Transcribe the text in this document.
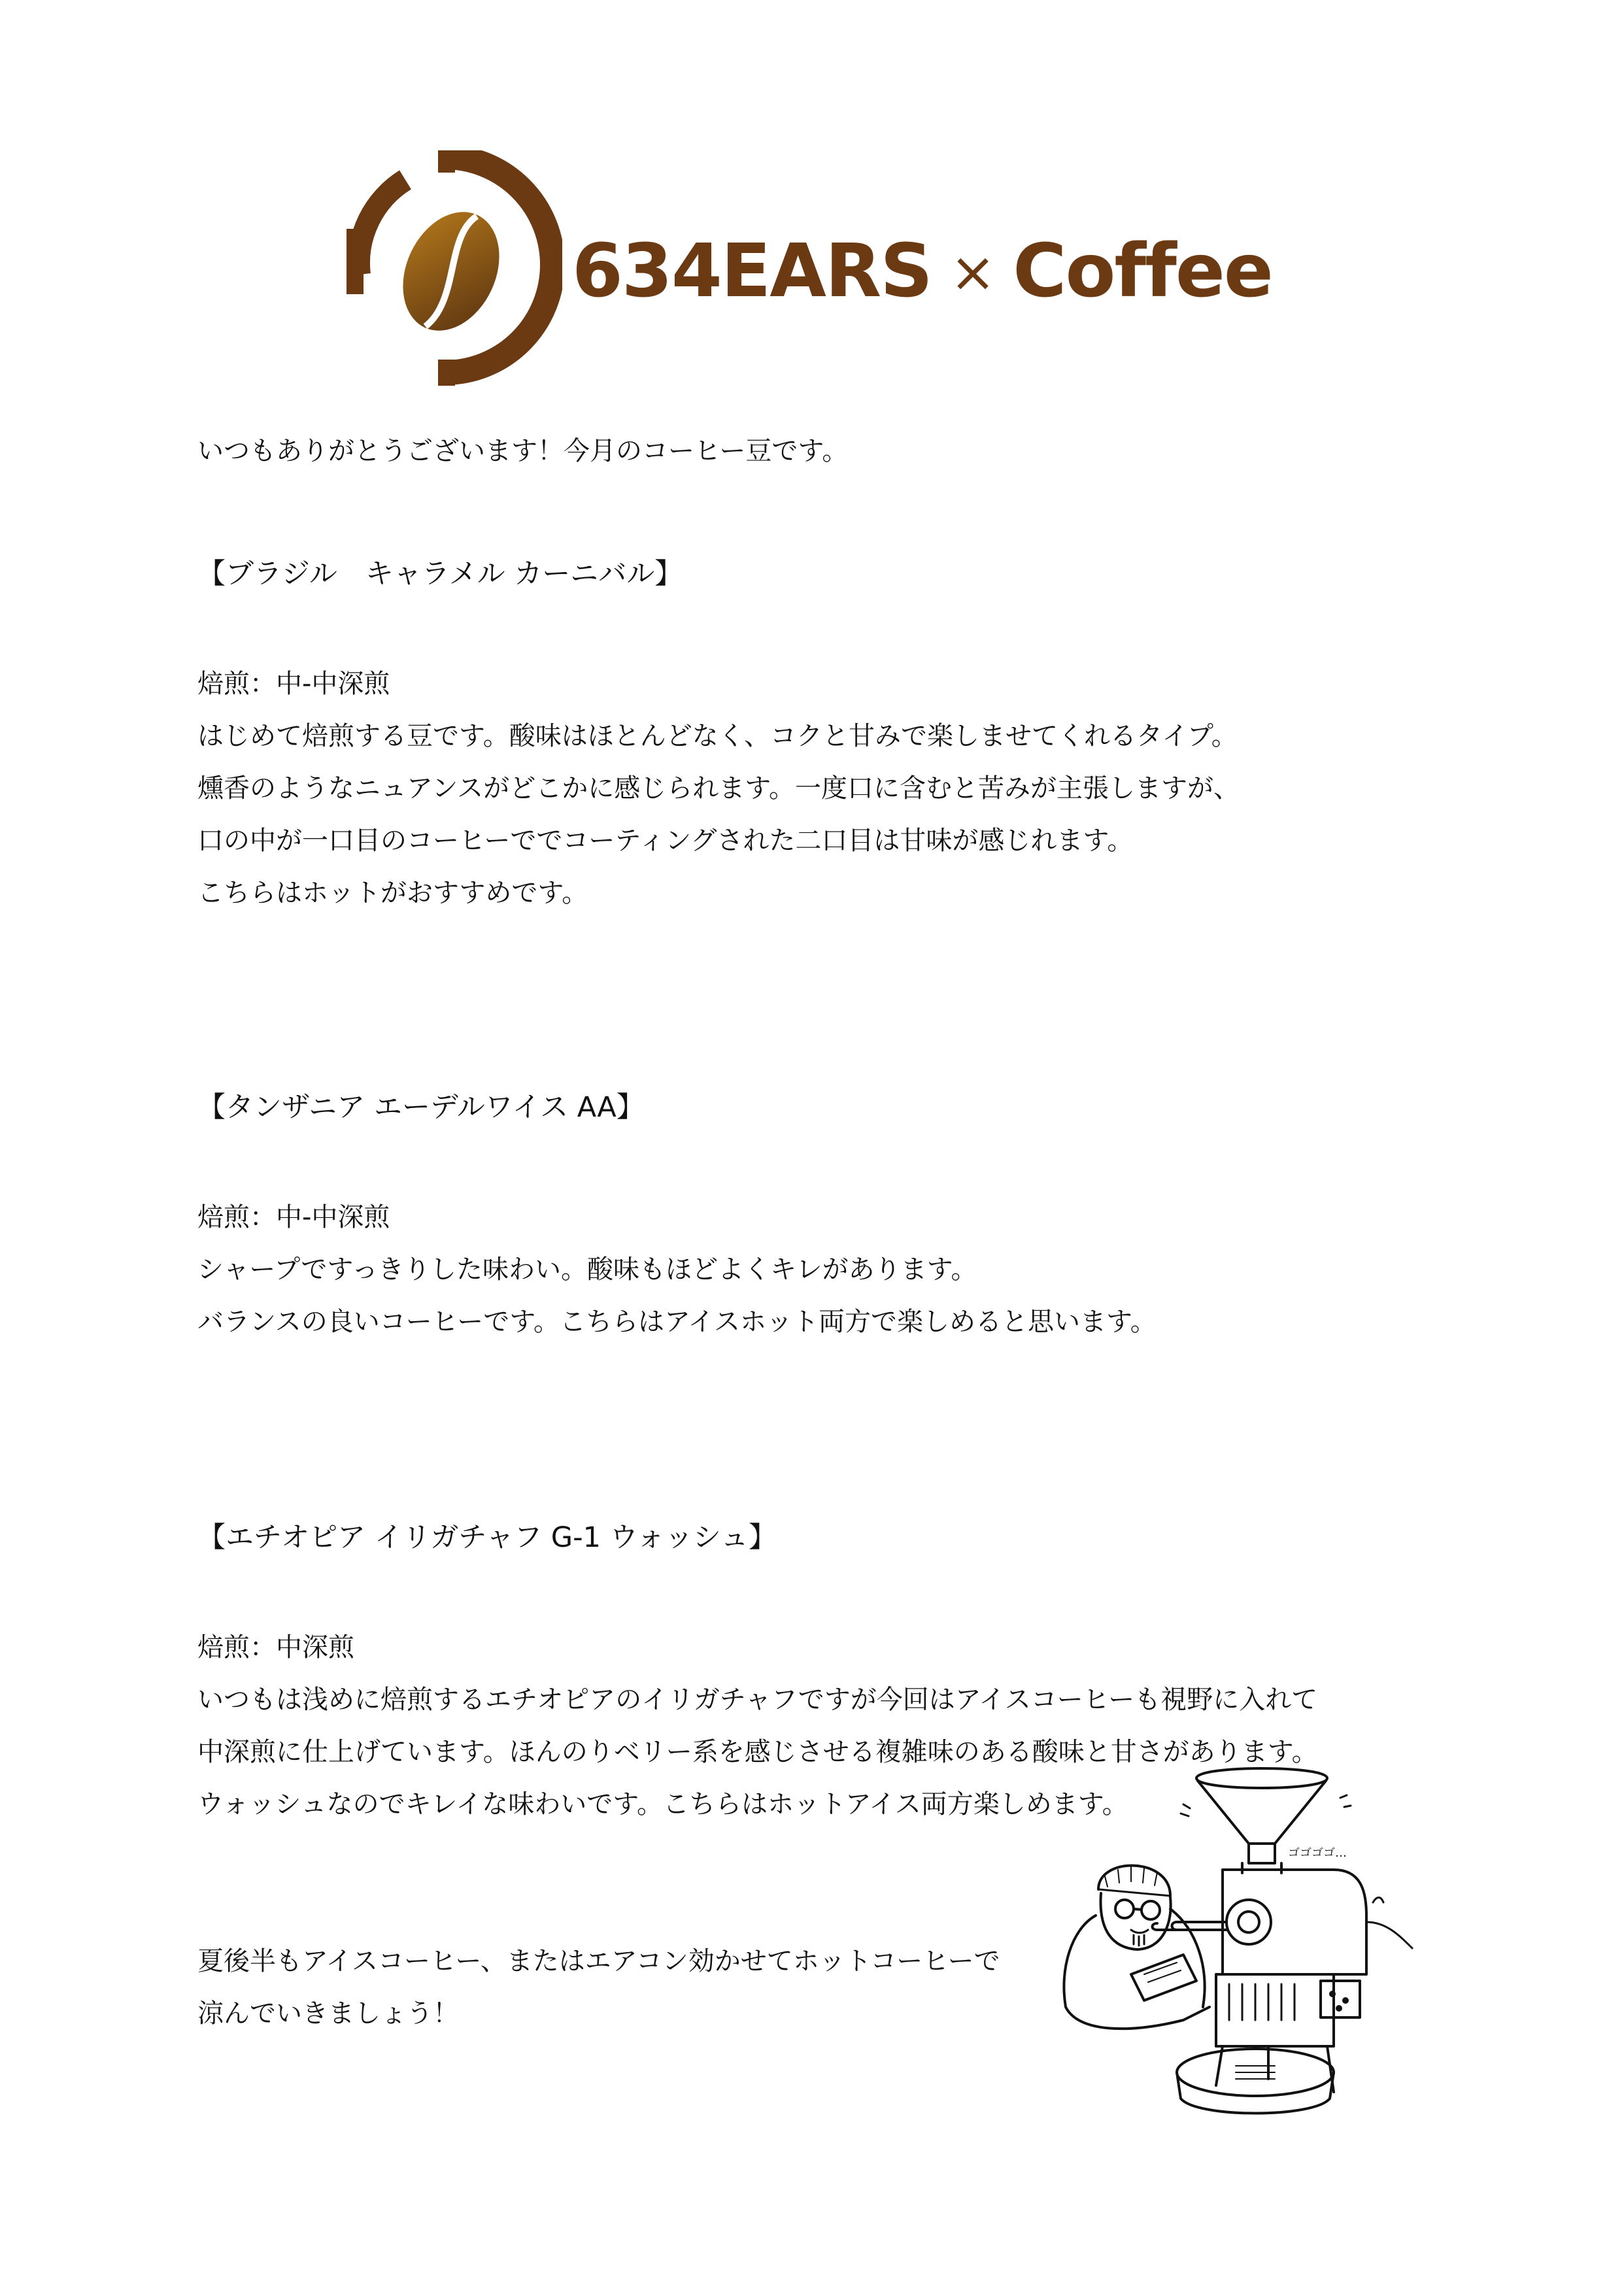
634EARS × Coffee
いつもありがとうございます！今月のコーヒー豆です。
【ブラジル　キャラメル カーニバル】
焙煎：中-中深煎
はじめて焙煎する豆です。酸味はほとんどなく、コクと甘みで楽しませてくれるタイプ。
燻香のようなニュアンスがどこかに感じられます。一度口に含むと苦みが主張しますが、
口の中が一口目のコーヒーででコーティングされた二口目は甘味が感じれます。
こちらはホットがおすすめです。
【タンザニア エーデルワイス AA】
焙煎：中-中深煎
シャープですっきりした味わい。酸味もほどよくキレがあります。
バランスの良いコーヒーです。こちらはアイスホット両方で楽しめると思います。
【エチオピア イリガチャフ G-1 ウォッシュ】
焙煎：中深煎
いつもは浅めに焙煎するエチオピアのイリガチャフですが今回はアイスコーヒーも視野に入れて
中深煎に仕上げています。ほんのりベリー系を感じさせる複雑味のある酸味と甘さがあります。
ウォッシュなのでキレイな味わいです。こちらはホットアイス両方楽しめます。
夏後半もアイスコーヒー、またはエアコン効かせてホットコーヒーで
涼んでいきましょう！
ゴゴゴゴ…
